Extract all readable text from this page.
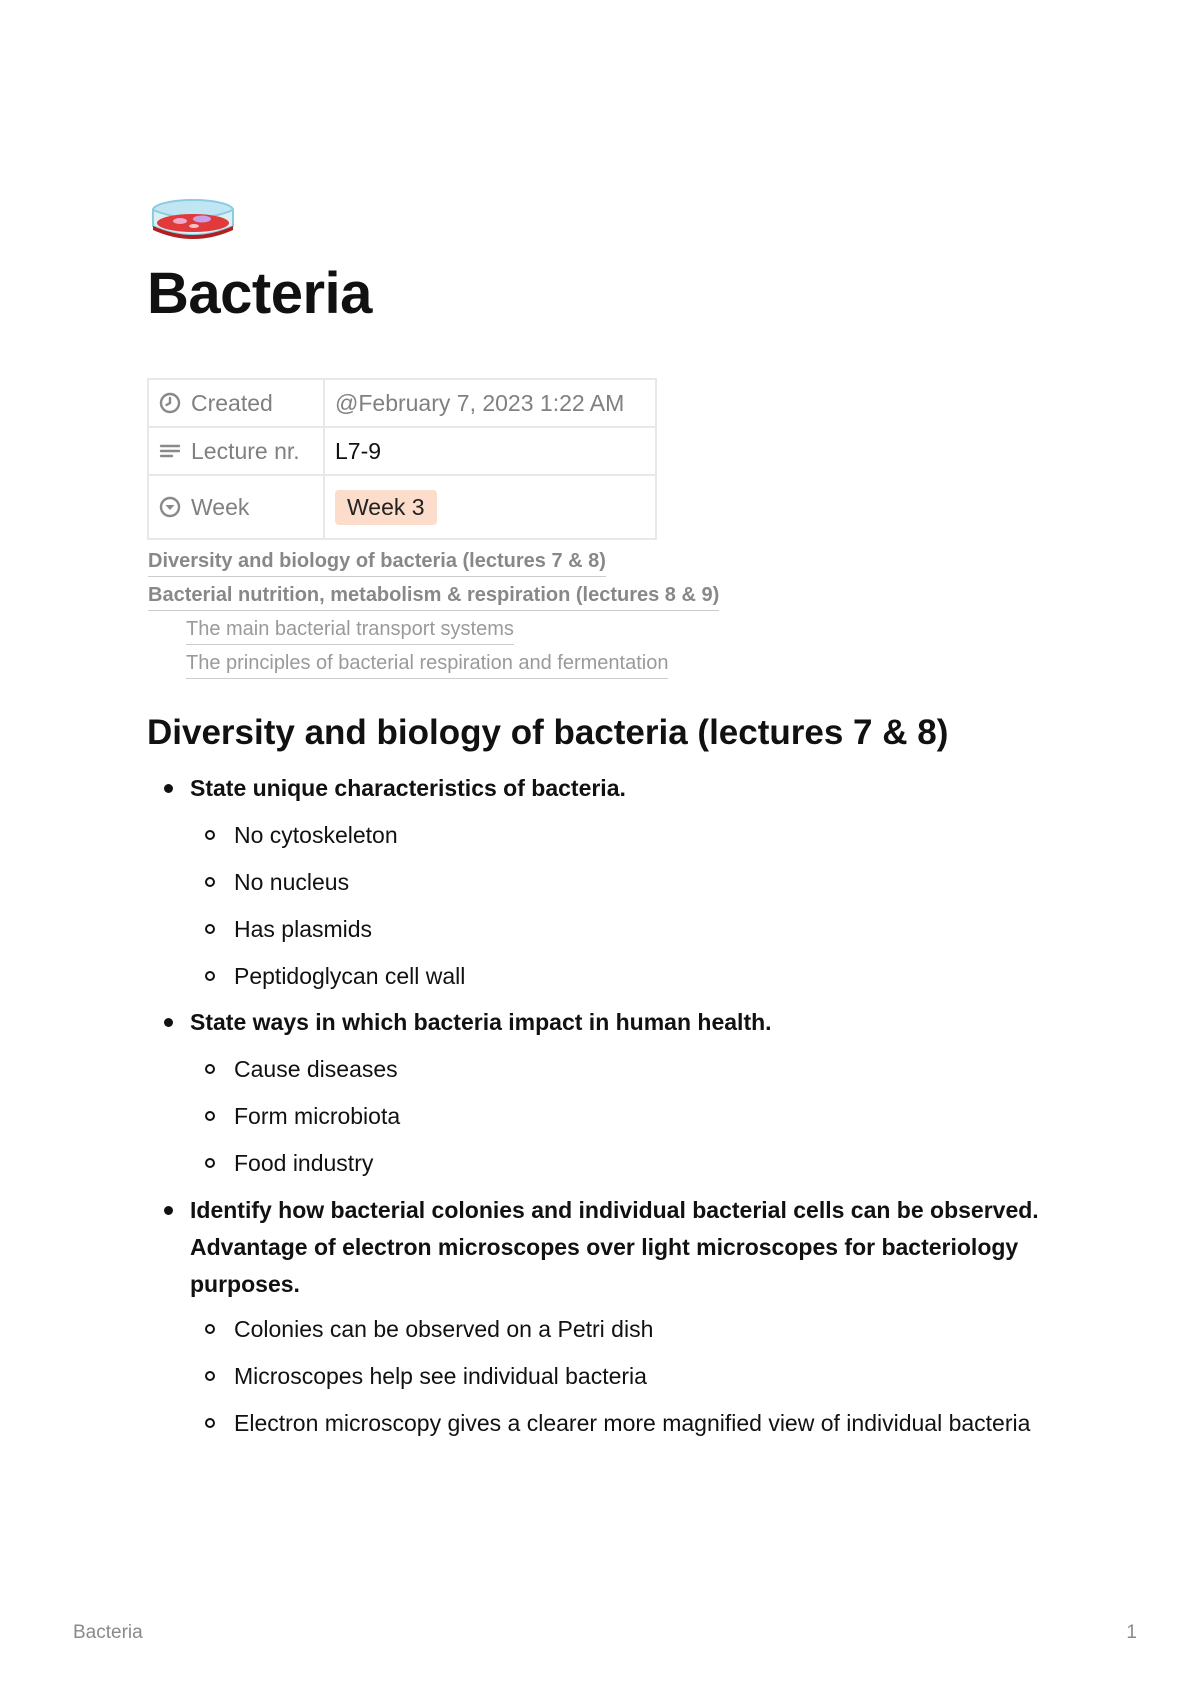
Bacteria
Created	@February 7, 2023 1:22 AM

Lecture nr.	L7-9

Week	Week 3
Diversity and biology of bacteria (lectures 7 & 8)
Bacterial nutrition, metabolism & respiration (lectures 8 & 9)
The main bacterial transport systems
The principles of bacterial respiration and fermentation
Diversity and biology of bacteria (lectures 7 & 8)
State unique characteristics of bacteria.
No cytoskeleton
No nucleus
Has plasmids
Peptidoglycan cell wall
State ways in which bacteria impact in human health.
Cause diseases
Form microbiota
Food industry
Identify how bacterial colonies and individual bacterial cells can be observed. Advantage of electron microscopes over light microscopes for bacteriology purposes.
Colonies can be observed on a Petri dish
Microscopes help see individual bacteria
Electron microscopy gives a clearer more magnified view of individual bacteria
Bacteria	1
